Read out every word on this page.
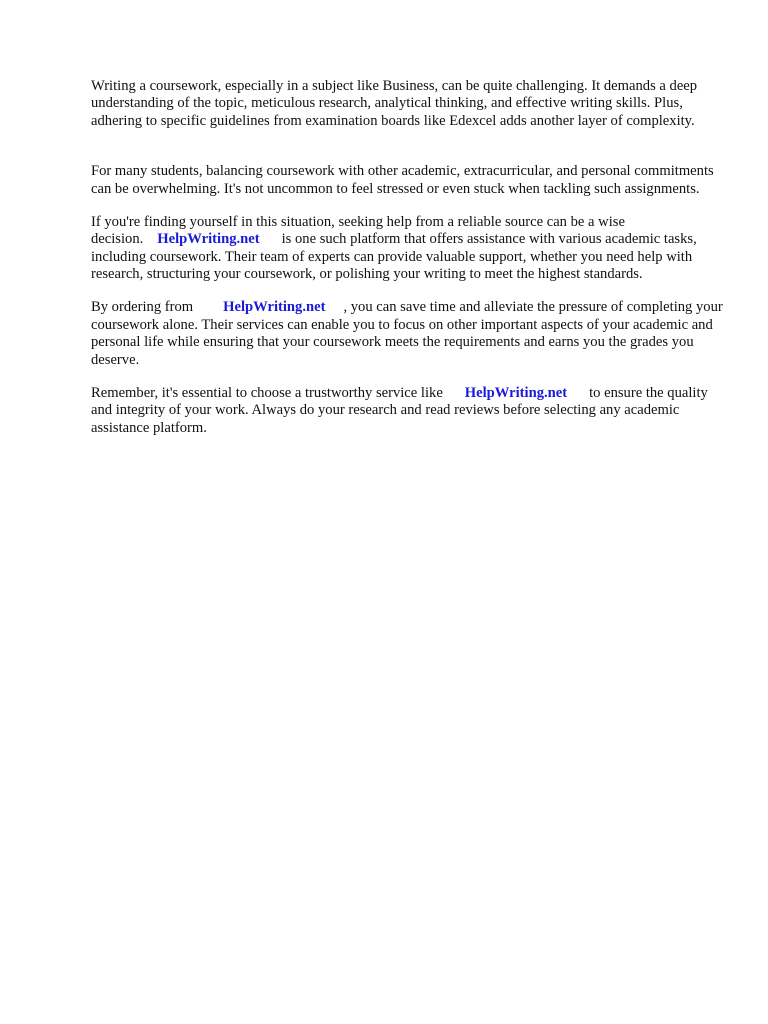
Writing a coursework, especially in a subject like Business, can be quite challenging. It demands a deep understanding of the topic, meticulous research, analytical thinking, and effective writing skills. Plus, adhering to specific guidelines from examination boards like Edexcel adds another layer of complexity.

For many students, balancing coursework with other academic, extracurricular, and personal commitments can be overwhelming. It's not uncommon to feel stressed or even stuck when tackling such assignments.

If you're finding yourself in this situation, seeking help from a reliable source can be a wise decision. HelpWriting.net is one such platform that offers assistance with various academic tasks, including coursework. Their team of experts can provide valuable support, whether you need help with research, structuring your coursework, or polishing your writing to meet the highest standards.

By ordering from HelpWriting.net , you can save time and alleviate the pressure of completing your coursework alone. Their services can enable you to focus on other important aspects of your academic and personal life while ensuring that your coursework meets the requirements and earns you the grades you deserve.

Remember, it's essential to choose a trustworthy service like HelpWriting.net to ensure the quality and integrity of your work. Always do your research and read reviews before selecting any academic assistance platform.
